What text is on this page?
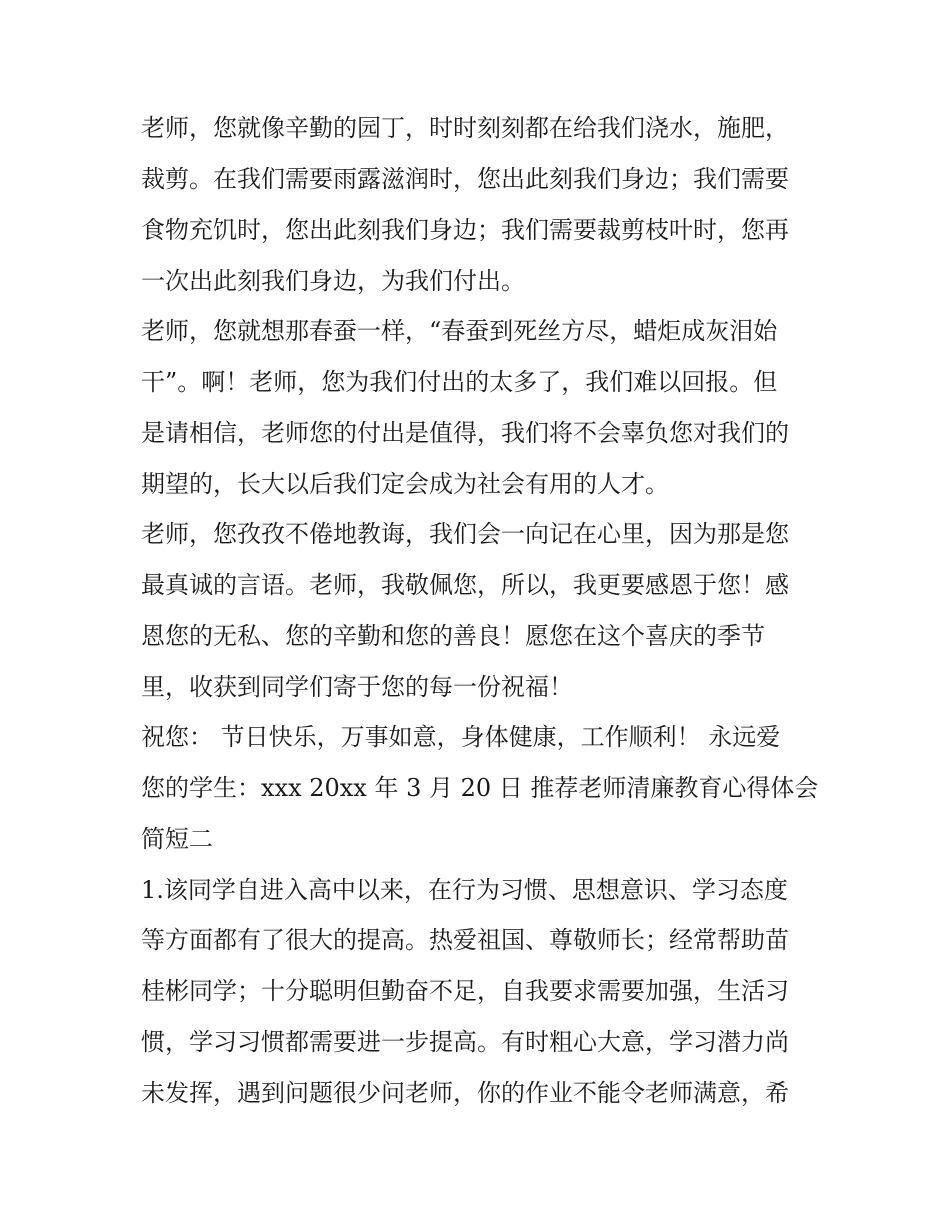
老师，您就像辛勤的园丁，时时刻刻都在给我们浇水，施肥，
裁剪。在我们需要雨露滋润时，您出此刻我们身边；我们需要
食物充饥时，您出此刻我们身边；我们需要裁剪枝叶时，您再
一次出此刻我们身边，为我们付出。
老师，您就想那春蚕一样，“春蚕到死丝方尽，蜡炬成灰泪始
干”。啊！老师，您为我们付出的太多了，我们难以回报。但
是请相信，老师您的付出是值得，我们将不会辜负您对我们的
期望的，长大以后我们定会成为社会有用的人才。
老师，您孜孜不倦地教诲，我们会一向记在心里，因为那是您
最真诚的言语。老师，我敬佩您，所以，我更要感恩于您！感
恩您的无私、您的辛勤和您的善良！愿您在这个喜庆的季节
里，收获到同学们寄于您的每一份祝福！
祝您： 节日快乐，万事如意，身体健康，工作顺利！ 永远爱
您的学生：xxx 20xx 年 3 月 20 日 推荐老师清廉教育心得体会
简短二
1.该同学自进入高中以来，在行为习惯、思想意识、学习态度
等方面都有了很大的提高。热爱祖国、尊敬师长；经常帮助苗
桂彬同学；十分聪明但勤奋不足，自我要求需要加强，生活习
惯，学习习惯都需要进一步提高。有时粗心大意，学习潜力尚
未发挥，遇到问题很少问老师，你的作业不能令老师满意，希
